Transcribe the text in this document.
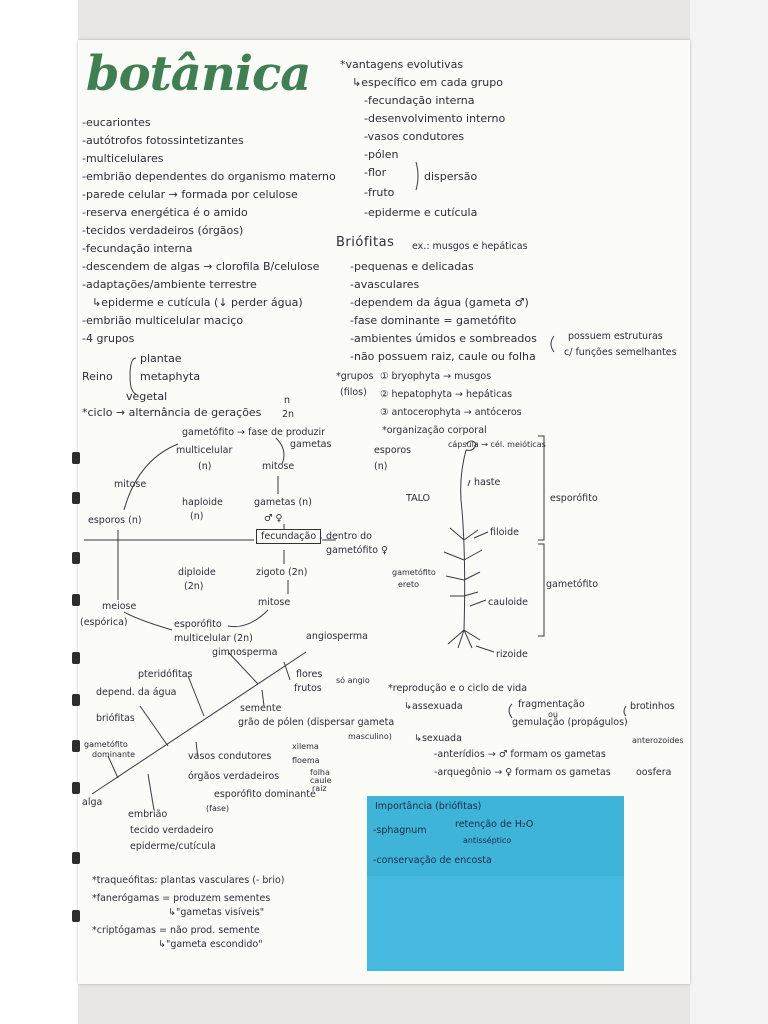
botânica
-eucariontes
-autótrofos fotossintetizantes
-multicelulares
-embrião dependentes do organismo materno
-parede celular → formada por celulose
-reserva energética é o amido
-tecidos verdadeiros (órgãos)
-fecundação interna
-descendem de algas → clorofila B/celulose
-adaptações/ambiente terrestre
↳epiderme e cutícula (↓ perder água)
-embrião multicelular maciço
-4 grupos
Reino
plantae
metaphyta
vegetal
*ciclo → alternância de gerações
n
2n
gametófito → fase de produzir
gametas
multicelular
(n)	mitose
mitose
esporos (n)
haploide
(n)
gametas (n)
♂ ♀
fecundação	dentro do
gametófito ♀
diploide
(2n)
zigoto (2n)
mitose
meiose
(espórica)	esporófito
multicelular (2n)	angiosperma
gimnosperma
pteridófitas
depend. da água
briófitas
gametófito
dominante
alga
flores
frutos
só angio
semente
grão de pólen (dispersar gameta
masculino)
xilema
vasos condutores	floema
folha
caule
raiz
órgãos verdadeiros
esporófito dominante
(fase)
embrião
tecido verdadeiro
epiderme/cutícula
*traqueófitas: plantas vasculares (- brio)
*fanerógamas = produzem sementes
↳"gametas visíveis"
*criptógamas = não prod. semente
↳"gameta escondido"
*vantagens evolutivas
↳específico em cada grupo
-fecundação interna
-desenvolvimento interno
-vasos condutores
-pólen
-flor
-fruto
-epiderme e cutícula
dispersão
Briófitas ex.: musgos e hepáticas
-pequenas e delicadas
-avasculares
-dependem da água (gameta ♂)
-fase dominante = gametófito
-ambientes úmidos e sombreados
-não possuem raiz, caule ou folha
possuem estruturas
c/ funções semelhantes
*grupos
(filos)
① bryophyta → musgos
② hepatophyta → hepáticas
③ antocerophyta → antóceros
*organização corporal
esporos
(n)
cápsula → cél. meióticas
haste
TALO	esporófito
filoide
gametófito
ereto
cauloide
gametófito
rizoide
*reprodução e o ciclo de vida
↳assexuada	fragmentação
ou
gemulação (propágulos)
brotinhos
↳sexuada
-anterídios → ♂ formam os gametas
anterozoides
-arquegônio → ♀ formam os gametas	oosfera
Importância (briófitas)
-sphagnum
retenção de H₂O
antisséptico
-conservação de encosta
